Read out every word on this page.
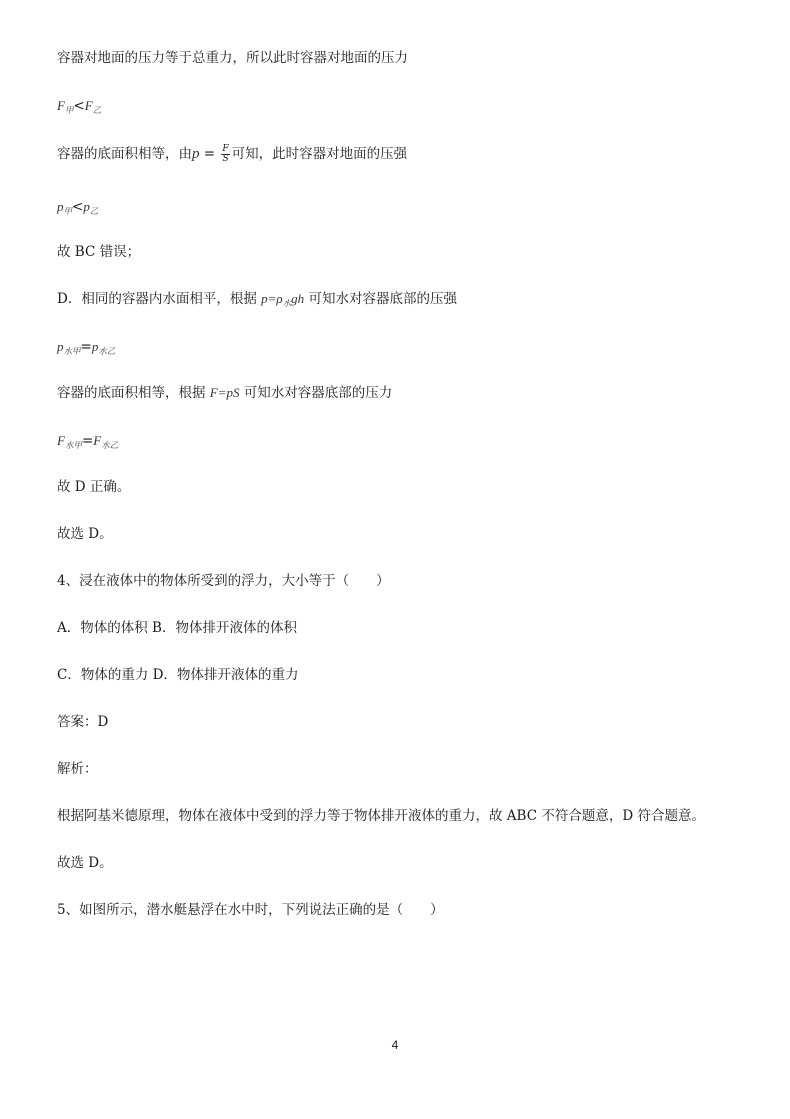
容器对地面的压力等于总重力，所以此时容器对地面的压力
$F_甲<F_乙$
容器的底面积相等，由$p = \frac{F}{S}$ 可知，此时容器对地面的压强
$p_甲<p_乙$
故 BC 错误；
D．相同的容器内水面相平，根据 $p=\rho_水gh$ 可知水对容器底部的压强
$p_{水甲}=p_{水乙}$
容器的底面积相等，根据 F=pS 可知水对容器底部的压力
$F_{水甲}=F_{水乙}$
故 D 正确。
故选 D。
4、浸在液体中的物体所受到的浮力，大小等于（　　）
A．物体的体积 B．物体排开液体的体积
C．物体的重力 D．物体排开液体的重力
答案：D
解析：
根据阿基米德原理，物体在液体中受到的浮力等于物体排开液体的重力，故 ABC 不符合题意，D 符合题意。
故选 D。
5、如图所示，潜水艇悬浮在水中时，下列说法正确的是（　　）
4
